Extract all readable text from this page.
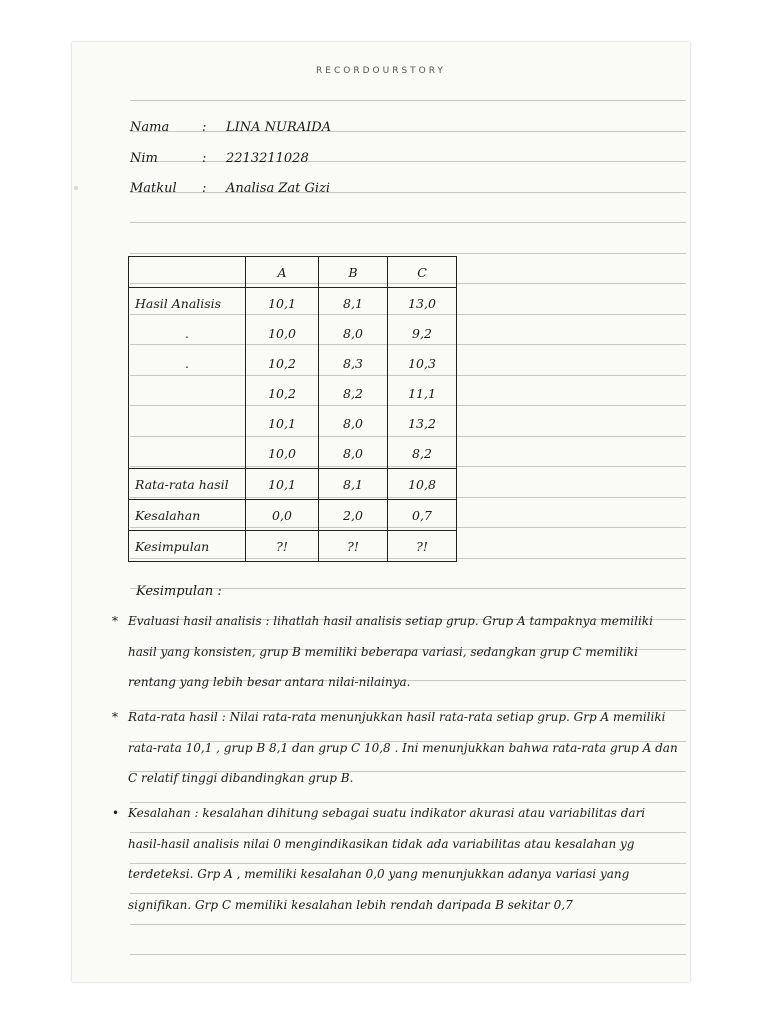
RECORDOURSTORY
Nama	: LINA NURAIDA
Nim	: 2213211028
Matkul : Analisa Zat Gizi
	A	B	C
Hasil Analisis	10,1	8,1	13,0
.	10,0	8,0	9,2
.	10,2	8,3	10,3
	10,2	8,2	11,1
	10,1	8,0	13,2
	10,0	8,0	8,2
Rata-rata hasil	10,1	8,1	10,8
Kesalahan	0,0	2,0	0,7
Kesimpulan	?!	?!	?!
Kesimpulan :
* Evaluasi hasil analisis : lihatlah hasil analisis setiap grup. Grup A tampaknya memiliki hasil yang konsisten, grup B memiliki beberapa variasi, sedangkan grup C memiliki rentang yang lebih besar antara nilai-nilainya.

* Rata-rata hasil : Nilai rata-rata menunjukkan hasil rata-rata setiap grup. Grp A memiliki rata-rata 10,1 , grup B 8,1 dan grup C 10,8 . Ini menunjukkan bahwa rata-rata grup A dan C relatif tinggi dibandingkan grup B.

• Kesalahan : kesalahan dihitung sebagai suatu indikator akurasi atau variabilitas dari hasil-hasil analisis nilai 0 mengindikasikan tidak ada variabilitas atau kesalahan yg terdeteksi. Grp A , memiliki kesalahan 0,0 yang menunjukkan adanya variasi yang signifikan. Grp C memiliki kesalahan lebih rendah daripada B sekitar 0,7
